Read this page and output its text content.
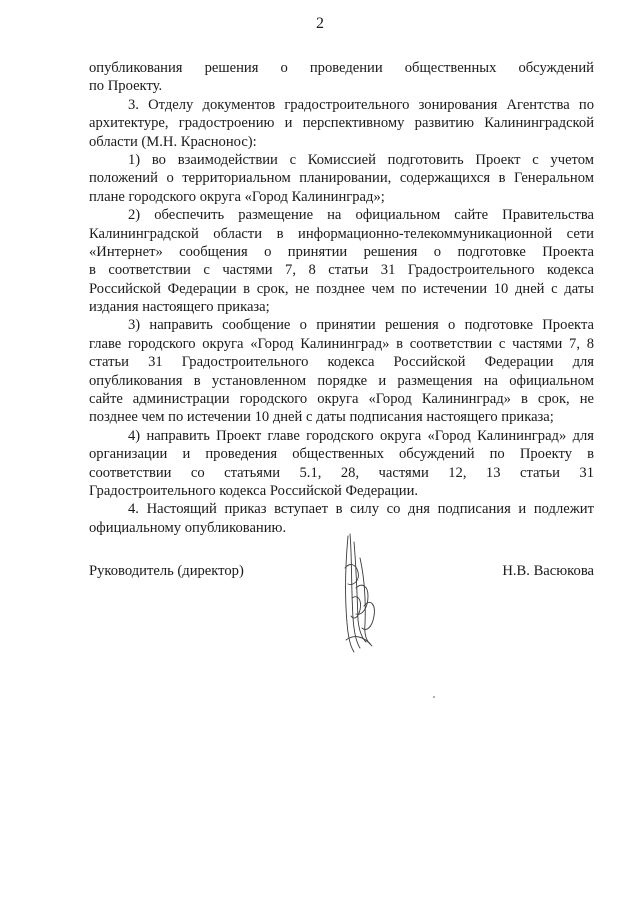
2
опубликования решения о проведении общественных обсуждений
по Проекту.
3. Отделу документов градостроительного зонирования Агентства по
архитектуре, градостроению и перспективному развитию Калининградской
области (М.Н. Краснонос):
1) во взаимодействии с Комиссией подготовить Проект с учетом
положений о территориальном планировании, содержащихся в Генеральном
плане городского округа «Город Калининград»;
2) обеспечить размещение на официальном сайте Правительства
Калининградской области в информационно-телекоммуникационной сети
«Интернет» сообщения о принятии решения о подготовке Проекта
в соответствии с частями 7, 8 статьи 31 Градостроительного кодекса
Российской Федерации в срок, не позднее чем по истечении 10 дней с даты
издания настоящего приказа;
3) направить сообщение о принятии решения о подготовке Проекта
главе городского округа «Город Калининград» в соответствии с частями 7, 8
статьи 31 Градостроительного кодекса Российской Федерации для
опубликования в установленном порядке и размещения на официальном
сайте администрации городского округа «Город Калининград» в срок, не
позднее чем по истечении 10 дней с даты подписания настоящего приказа;
4) направить Проект главе городского округа «Город Калининград» для
организации и проведения общественных обсуждений по Проекту в
соответствии со статьями 5.1, 28, частями 12, 13 статьи 31
Градостроительного кодекса Российской Федерации.
4. Настоящий приказ вступает в силу со дня подписания и подлежит
официальному опубликованию.
Руководитель (директор)	Н.В. Васюкова
